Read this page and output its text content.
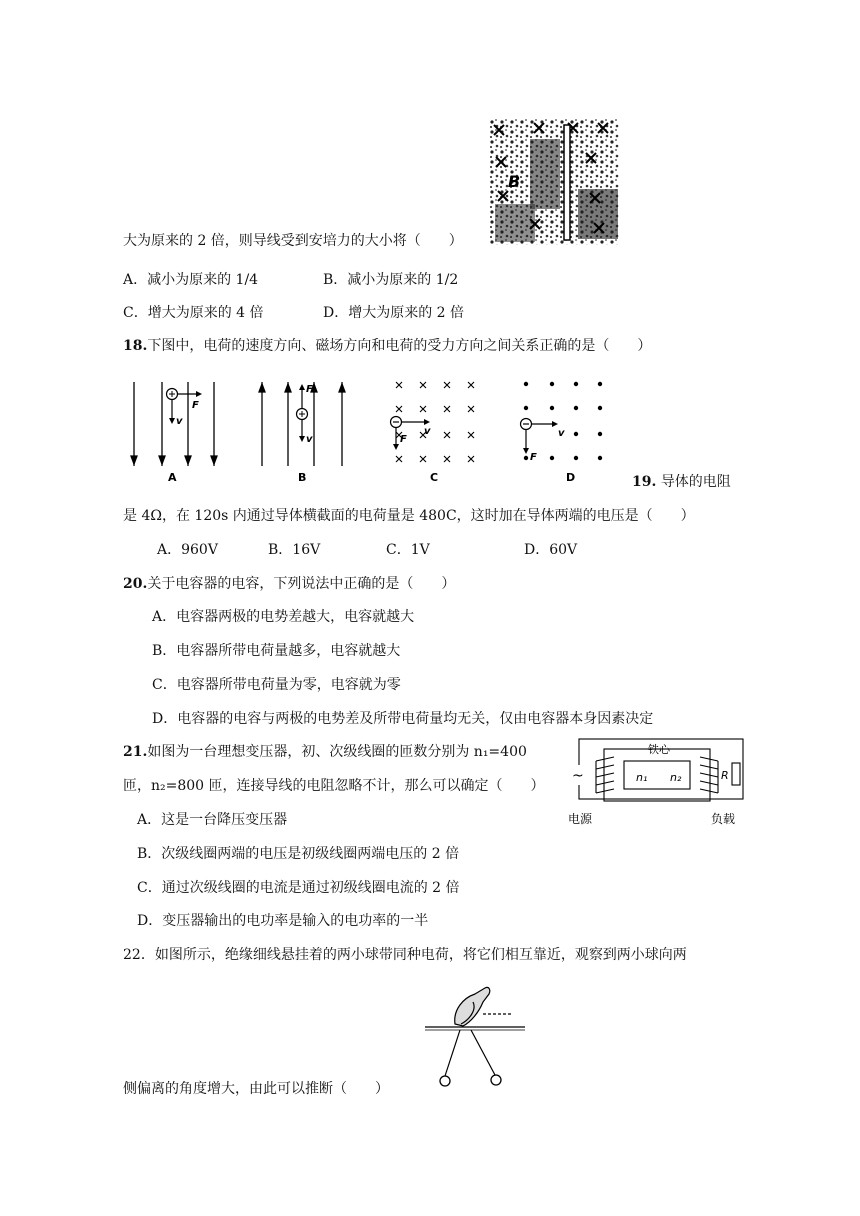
B
大为原来的 2 倍，则导线受到安培力的大小将（　　）
A．减小为原来的 1/4	B．减小为原来的 1/2
C．增大为原来的 4 倍	D．增大为原来的 2 倍
18.下图中，电荷的速度方向、磁场方向和电荷的受力方向之间关系正确的是（　　）
F
v
A
F
v
B
v
F
C
v
F
D	19. 导体的电阻
是 4Ω，在 120s 内通过导体横截面的电荷量是 480C，这时加在导体两端的电压是（　　）
A．960V	B．16V	C．1V	D．60V
20.关于电容器的电容，下列说法中正确的是（　　）
A．电容器两极的电势差越大，电容就越大
B．电容器所带电荷量越多，电容就越大
C．电容器所带电荷量为零，电容就为零
D．电容器的电容与两极的电势差及所带电荷量均无关，仅由电容器本身因素决定
21.如图为一台理想变压器，初、次级线圈的匝数分别为 n₁=400
匝，n₂=800 匝，连接导线的电阻忽略不计，那么可以确定（　　）
~
铁心
n₁ n₂	R
电源	负载
A．这是一台降压变压器
B．次级线圈两端的电压是初级线圈两端电压的 2 倍
C．通过次级线圈的电流是通过初级线圈电流的 2 倍
D．变压器输出的电功率是输入的电功率的一半
22．如图所示，绝缘细线悬挂着的两小球带同种电荷，将它们相互靠近，观察到两小球向两
侧偏离的角度增大，由此可以推断（　　）
